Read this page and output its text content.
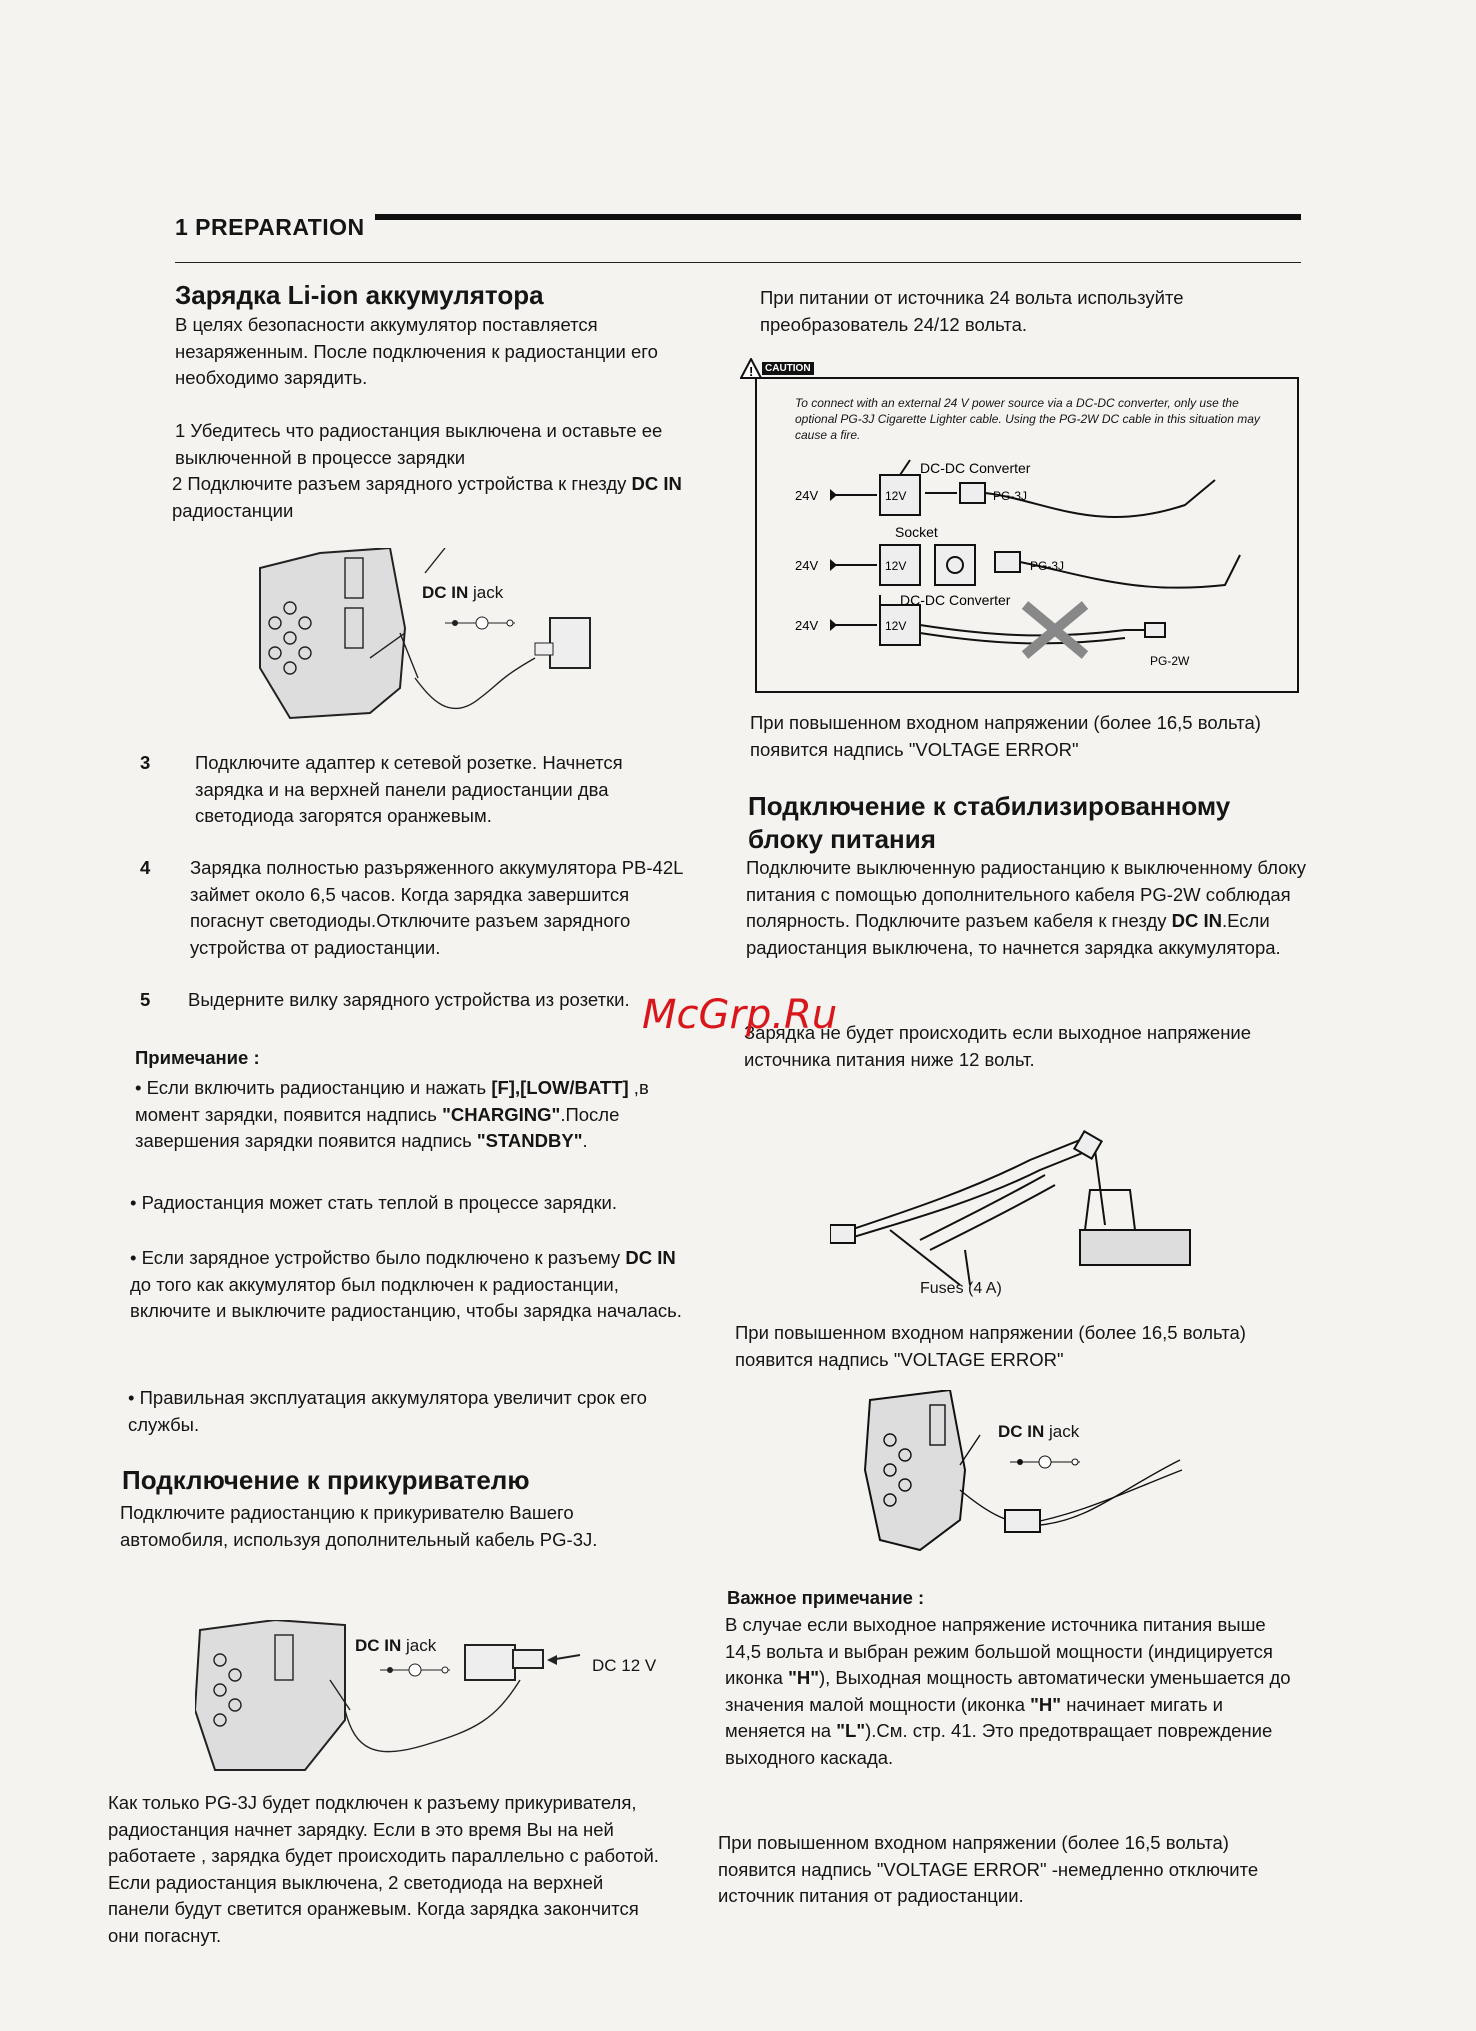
1 PREPARATION
Зарядка Li-ion аккумулятора
В целях безопасности аккумулятор поставляется незаряженным. После подключения к радиостанции его необходимо зарядить.
1 Убедитесь что радиостанция выключена и оставьте ее выключенной в процессе зарядки
2 Подключите разъем зарядного устройства к гнезду DC IN радиостанции
DC IN jack
3 Подключите адаптер к сетевой розетке. Начнется зарядка и на верхней панели радиостанции два светодиода загорятся оранжевым.
4 Зарядка полностью разъряженного аккумулятора PB-42L займет около 6,5 часов. Когда зарядка завершится погаснут светодиоды.Отключите разъем зарядного устройства от радиостанции.
5 Выдерните вилку зарядного устройства из розетки.
Примечание :
• Если включить радиостанцию и нажать [F],[LOW/BATT] ,в момент зарядки, появится надпись "CHARGING".После завершения зарядки появится надпись "STANDBY".
• Радиостанция может стать теплой в процессе зарядки.
• Если зарядное устройство было подключено к разъему DC IN до того как аккумулятор был подключен к радиостанции, включите и выключите радиостанцию, чтобы зарядка началась.
• Правильная эксплуатация аккумулятора увеличит срок его службы.
Подключение к прикуривателю
Подключите радиостанцию к прикуривателю Вашего автомобиля, используя дополнительный кабель PG-3J.
DC IN jack
DC 12 V
Как только PG-3J будет подключен к разъему прикуривателя, радиостанция начнет зарядку. Если в это время Вы на ней работаете , зарядка будет происходить параллельно с работой. Если радиостанция выключена, 2 светодиода на верхней панели будут светится оранжевым. Когда зарядка закончится они погаснут.
При питании от источника 24 вольта используйте преобразователь 24/12 вольта.
!	CAUTION
To connect with an external 24 V power source via a DC-DC converter, only use the optional PG-3J Cigarette Lighter cable. Using the PG-2W DC cable in this situation may cause a fire.
24V
24V
24V
12V
12V
12V
DC-DC Converter
DC-DC Converter
PG-3J
PG-3J
Socket
PG-2W
При повышенном входном напряжении (более 16,5 вольта) появится надпись "VOLTAGE ERROR"
Подключение к стабилизированному блоку питания
Подключите выключенную радиостанцию к выключенному блоку питания с помощью дополнительного кабеля PG-2W соблюдая полярность. Подключите разъем кабеля к гнезду DC IN.Если радиостанция выключена, то начнется зарядка аккумулятора.
Зарядка не будет происходить если выходное напряжение источника питания ниже 12 вольт.
Fuses (4 A)
При повышенном входном напряжении (более 16,5 вольта) появится надпись "VOLTAGE ERROR"
DC IN jack
Важное примечание :
В случае если выходное напряжение источника питания выше 14,5 вольта и выбран режим большой мощности (индицируется иконка "H"), Выходная мощность автоматически уменьшается до значения малой мощности (иконка "H" начинает мигать и меняется на "L").См. стр. 41. Это предотвращает повреждение выходного каскада.
При повышенном входном напряжении (более 16,5 вольта) появится надпись "VOLTAGE ERROR" -немедленно отключите источник питания от радиостанции.
McGrp.Ru
